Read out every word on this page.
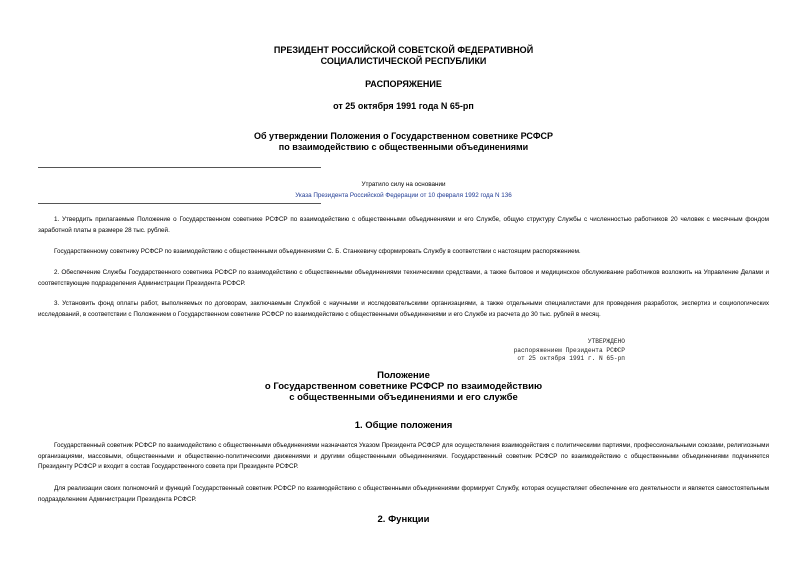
ПРЕЗИДЕНТ РОССИЙСКОЙ СОВЕТСКОЙ ФЕДЕРАТИВНОЙ
СОЦИАЛИСТИЧЕСКОЙ РЕСПУБЛИКИ
РАСПОРЯЖЕНИЕ
от 25 октября 1991 года N 65-рп
Об утверждении Положения о Государственном советнике РСФСР
по взаимодействию с общественными объединениями
Утратило силу на основании
Указа Президента Российской Федерации от 10 февраля 1992 года N 136
1. Утвердить прилагаемые Положение о Государственном советнике РСФСР по взаимодействию с общественными объединениями и его Службе, общую структуру Службы с численностью работников 20 человек с месячным фондом заработной платы в размере 28 тыс. рублей.
Государственному советнику РСФСР по взаимодействию с общественными объединениями С. Б. Станкевичу сформировать Службу в соответствии с настоящим распоряжением.
2. Обеспечение Службы Государственного советника РСФСР по взаимодействию с общественными объединениями техническими средствами, а также бытовое и медицинское обслуживание работников возложить на Управление Делами и соответствующие подразделения Администрации Президента РСФСР.
3. Установить фонд оплаты работ, выполняемых по договорам, заключаемым Службой с научными и исследовательскими организациями, а также отдельными специалистами для проведения разработок, экспертиз и социологических исследований, в соответствии с Положением о Государственном советнике РСФСР по взаимодействию с общественными объединениями и его Службе из расчета до 30 тыс. рублей в месяц.
УТВЕРЖДЕНО
распоряжением Президента РСФСР
от 25 октября 1991 г. N 65-рп
Положение
о Государственном советнике РСФСР по взаимодействию
с общественными объединениями и его службе
1. Общие положения
Государственный советник РСФСР по взаимодействию с общественными объединениями назначается Указом Президента РСФСР для осуществления взаимодействия с политическими партиями, профессиональными союзами, религиозными организациями, массовыми, общественными и общественно-политическими движениями и другими общественными объединениями. Государственный советник РСФСР по взаимодействию с общественными объединениями подчиняется Президенту РСФСР и входит в состав Государственного совета при Президенте РСФСР.
Для реализации своих полномочий и функций Государственный советник РСФСР по взаимодействию с общественными объединениями формирует Службу, которая осуществляет обеспечение его деятельности и является самостоятельным подразделением Администрации Президента РСФСР.
2. Функции
